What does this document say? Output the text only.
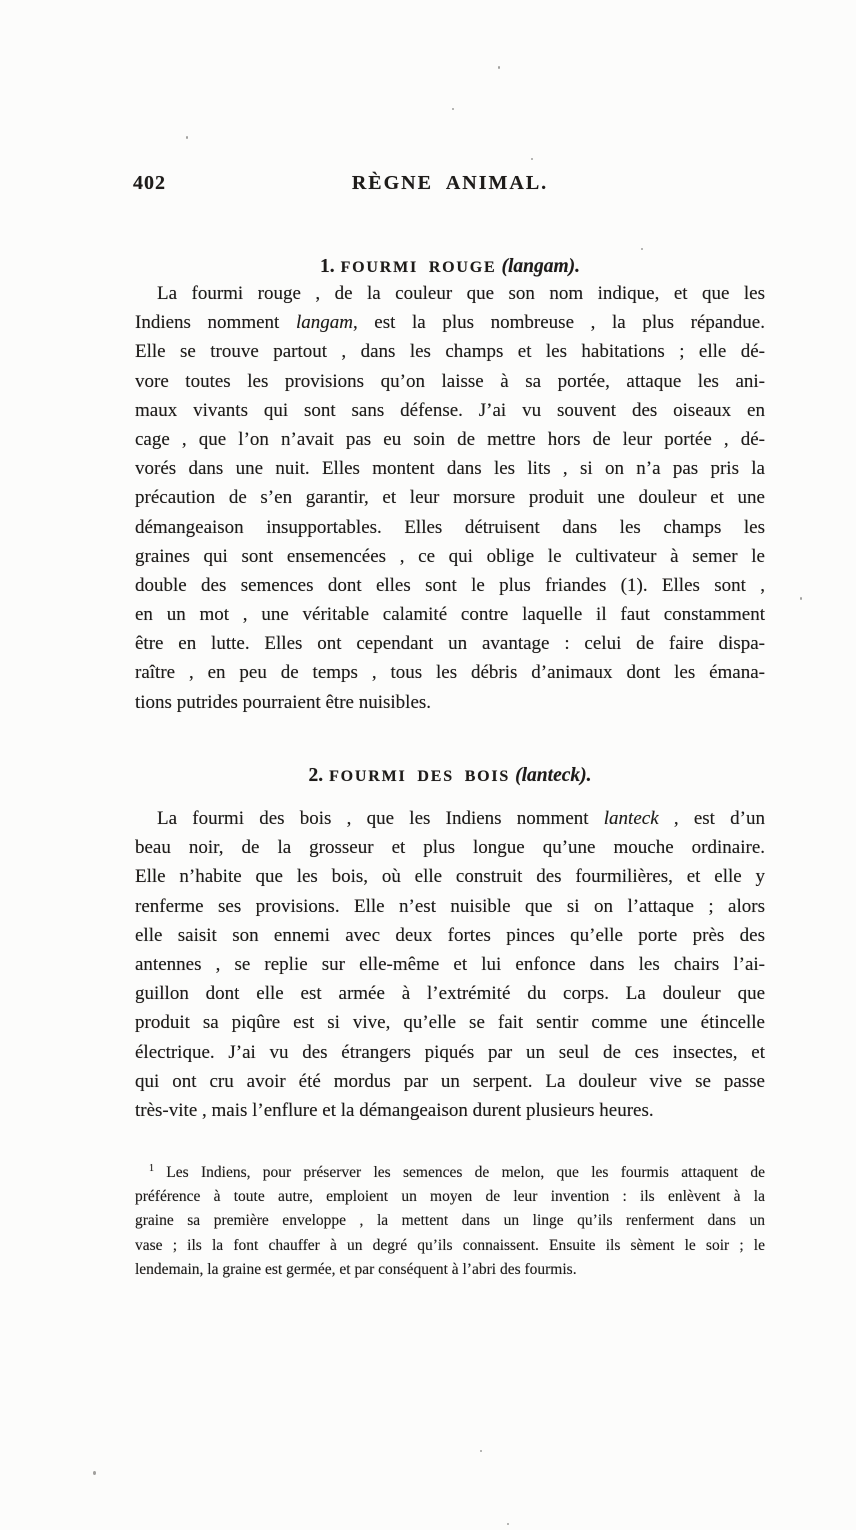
402	RÈGNE ANIMAL.
1. FOURMI ROUGE (langam).
La fourmi rouge , de la couleur que son nom indique, et que les
Indiens nomment langam, est la plus nombreuse , la plus répandue.
Elle se trouve partout , dans les champs et les habitations ; elle dé-
vore toutes les provisions qu’on laisse à sa portée, attaque les ani-
maux vivants qui sont sans défense. J’ai vu souvent des oiseaux en
cage , que l’on n’avait pas eu soin de mettre hors de leur portée , dé-
vorés dans une nuit. Elles montent dans les lits , si on n’a pas pris la
précaution de s’en garantir, et leur morsure produit une douleur et une
démangeaison insupportables. Elles détruisent dans les champs les
graines qui sont ensemencées , ce qui oblige le cultivateur à semer le
double des semences dont elles sont le plus friandes (1). Elles sont ,
en un mot , une véritable calamité contre laquelle il faut constamment
être en lutte. Elles ont cependant un avantage : celui de faire dispa-
raître , en peu de temps , tous les débris d’animaux dont les émana-
tions putrides pourraient être nuisibles.
2. FOURMI DES BOIS (lanteck).
La fourmi des bois , que les Indiens nomment lanteck , est d’un
beau noir, de la grosseur et plus longue qu’une mouche ordinaire.
Elle n’habite que les bois, où elle construit des fourmilières, et elle y
renferme ses provisions. Elle n’est nuisible que si on l’attaque ; alors
elle saisit son ennemi avec deux fortes pinces qu’elle porte près des
antennes , se replie sur elle-même et lui enfonce dans les chairs l’ai-
guillon dont elle est armée à l’extrémité du corps. La douleur que
produit sa piqûre est si vive, qu’elle se fait sentir comme une étincelle
électrique. J’ai vu des étrangers piqués par un seul de ces insectes, et
qui ont cru avoir été mordus par un serpent. La douleur vive se passe
très-vite , mais l’enflure et la démangeaison durent plusieurs heures.
$^1$ Les Indiens, pour préserver les semences de melon, que les fourmis attaquent de
préférence à toute autre, emploient un moyen de leur invention : ils enlèvent à la
graine sa première enveloppe , la mettent dans un linge qu’ils renferment dans un
vase ; ils la font chauffer à un degré qu’ils connaissent. Ensuite ils sèment le soir ; le
lendemain, la graine est germée, et par conséquent à l’abri des fourmis.
